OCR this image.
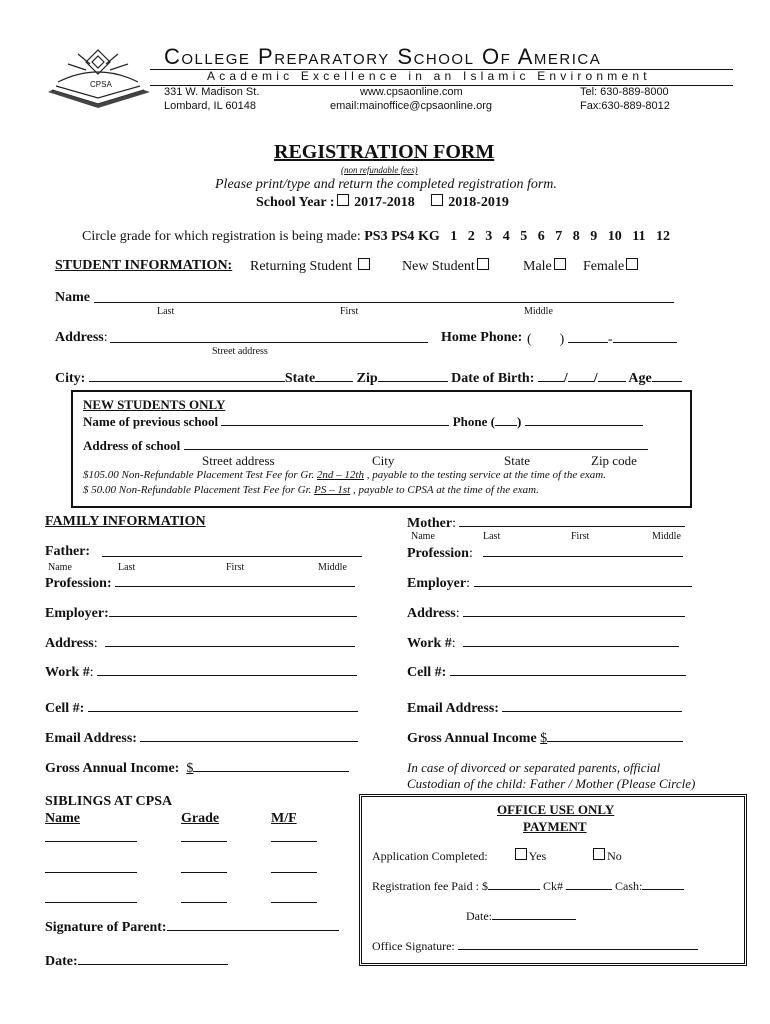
CPSA
College Preparatory School Of America
Academic Excellence in an Islamic Environment
331 W. Madison St.
Lombard, IL 60148
www.cpsaonline.com
email:mainoffice@cpsaonline.org
Tel: 630-889-8000
Fax:630-889-8012
REGISTRATION FORM
(non refundable fees)
Please print/type and return the completed registration form.
School Year : 2017-2018 2018-2019
Circle grade for which registration is being made: PS3 PS4 KG 1 2 3 4 5 6 7 8 9 10 11 12
STUDENT INFORMATION: Returning Student	New Student	Male	Female
Name
Last	First	Middle
Address:
Street address
Home Phone: (        )	-
City:	State	Zip	Date of Birth: / / Age
NEW STUDENTS ONLY
Name of previous school	Phone ( )
Address of school
Street address	City	State	Zip code
$105.00 Non-Refundable Placement Test Fee for Gr. 2nd – 12th , payable to the testing service at the time of the exam.
$ 50.00 Non-Refundable Placement Test Fee for Gr. PS – 1st , payable to CPSA at the time of the exam.
FAMILY INFORMATION
Father:
Name	Last	First	Middle
Profession:
Employer:
Address:
Work #:
Cell #:
Email Address:
Gross Annual Income: $
Mother:
Name	Last	First	Middle
Profession:
Employer:
Address:
Work #:
Cell #:
Email Address:
Gross Annual Income $
In case of divorced or separated parents, official
Custodian of the child: Father / Mother (Please Circle)
SIBLINGS AT CPSA
Name	Grade	M/F
Signature of Parent:
Date:
OFFICE USE ONLY
PAYMENT
Application Completed:	Yes	No
Registration fee Paid : $	Ck#	Cash:
Date:
Office Signature:
